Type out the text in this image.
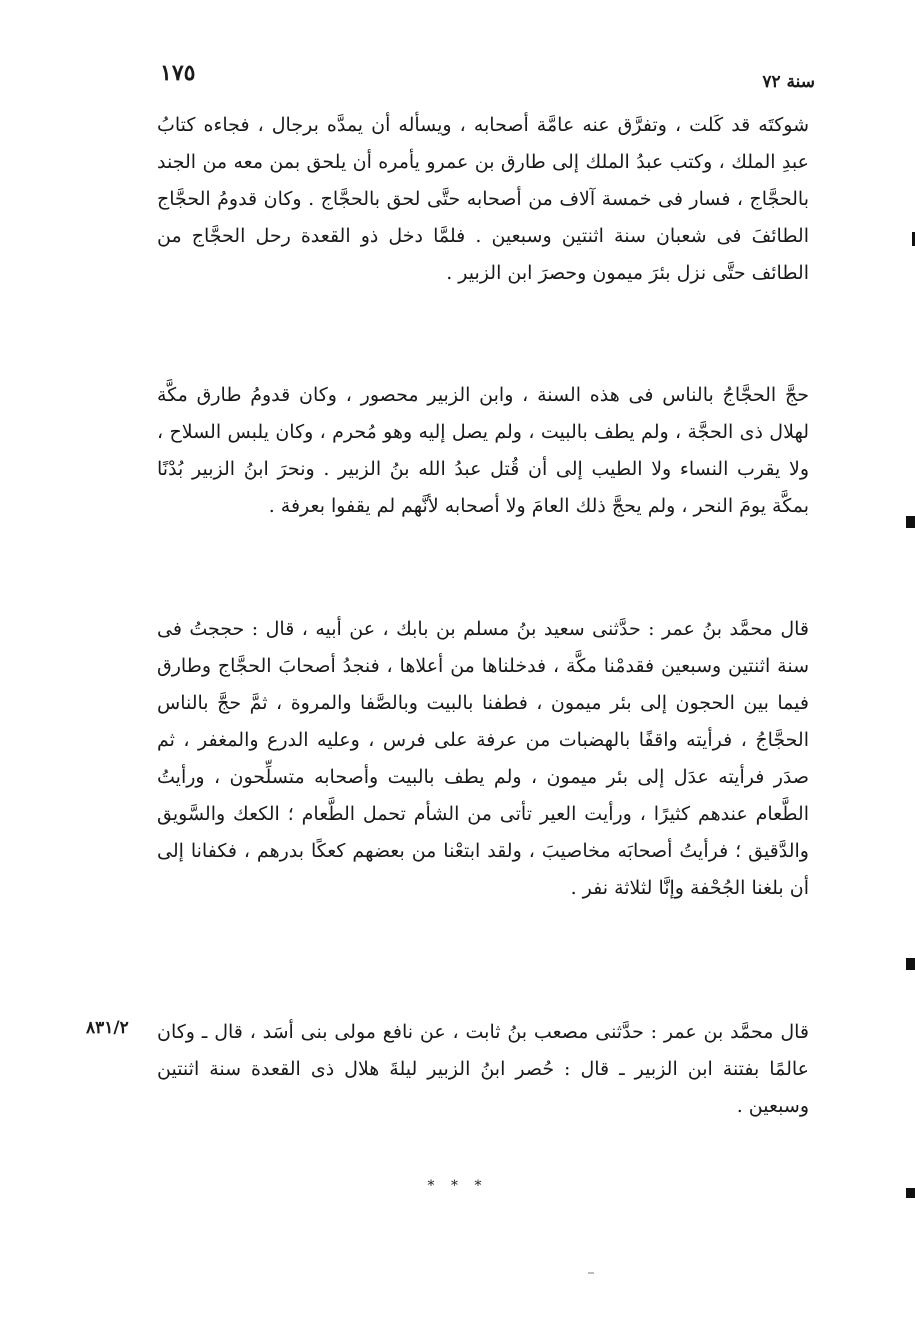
١٧٥	سنة ٧٢

شوكتَه قد كَلت ، وتفرَّق عنه عامَّة أصحابه ، ويسأله أن يمدَّه برجال ، فجاءه كتابُ عبدِ الملك ، وكتب عبدُ الملك إلى طارق بن عمرو يأمره أن يلحق بمن معه من الجند بالحجَّاج ، فسار فى خمسة آلاف من أصحابه حتَّى لحق بالحجَّاج . وكان قدومُ الحجَّاج الطائفَ فى شعبان سنة اثنتين وسبعين . فلمَّا دخل ذو القعدة رحل الحجَّاج من الطائف حتَّى نزل بئرَ ميمون وحصرَ ابن الزبير .

حجَّ الحجَّاجُ بالناس فى هذه السنة ، وابن الزبير محصور ، وكان قدومُ طارق مكَّة لهلال ذى الحجَّة ، ولم يطف بالبيت ، ولم يصل إليه وهو مُحرم ، وكان يلبس السلاح ، ولا يقرب النساء ولا الطيب إلى أن قُتل عبدُ الله بنُ الزبير . ونحرَ ابنُ الزبير بُدْنًا بمكَّة يومَ النحر ، ولم يحجَّ ذلك العامَ ولا أصحابه لأنَّهم لم يقفوا بعرفة .

قال محمَّد بنُ عمر : حدَّثنى سعيد بنُ مسلم بن بابك ، عن أبيه ، قال : حججتُ فى سنة اثنتين وسبعين فقدمْنا مكَّة ، فدخلناها من أعلاها ، فنجدُ أصحابَ الحجَّاج وطارق فيما بين الحجون إلى بئر ميمون ، فطفنا بالبيت وبالصَّفا والمروة ، ثمَّ حجَّ بالناس الحجَّاجُ ، فرأيته واقفًا بالهضبات من عرفة على فرس ، وعليه الدرع والمغفر ، ثم صدَر فرأيته عدَل إلى بئر ميمون ، ولم يطف بالبيت وأصحابه متسلِّحون ، ورأيتُ الطَّعام عندهم كثيرًا ، ورأيت العير تأتى من الشأم تحمل الطَّعام ؛ الكعك والسَّويق والدَّقيق ؛ فرأيتُ أصحابَه مخاصيبَ ، ولقد ابتعْنا من بعضهم كعكًا بدرهم ، فكفانا إلى أن بلغنا الجُحْفة وإنَّا لثلاثة نفر .

قال محمَّد بن عمر : حدَّثنى مصعب بنُ ثابت ، عن نافع مولى بنى أسَد ، قال ـ وكان عالمًا بفتنة ابن الزبير ـ قال : حُصر ابنُ الزبير ليلةَ هلال ذى القعدة سنة اثنتين وسبعين .

٨٣١/٢
* * *
